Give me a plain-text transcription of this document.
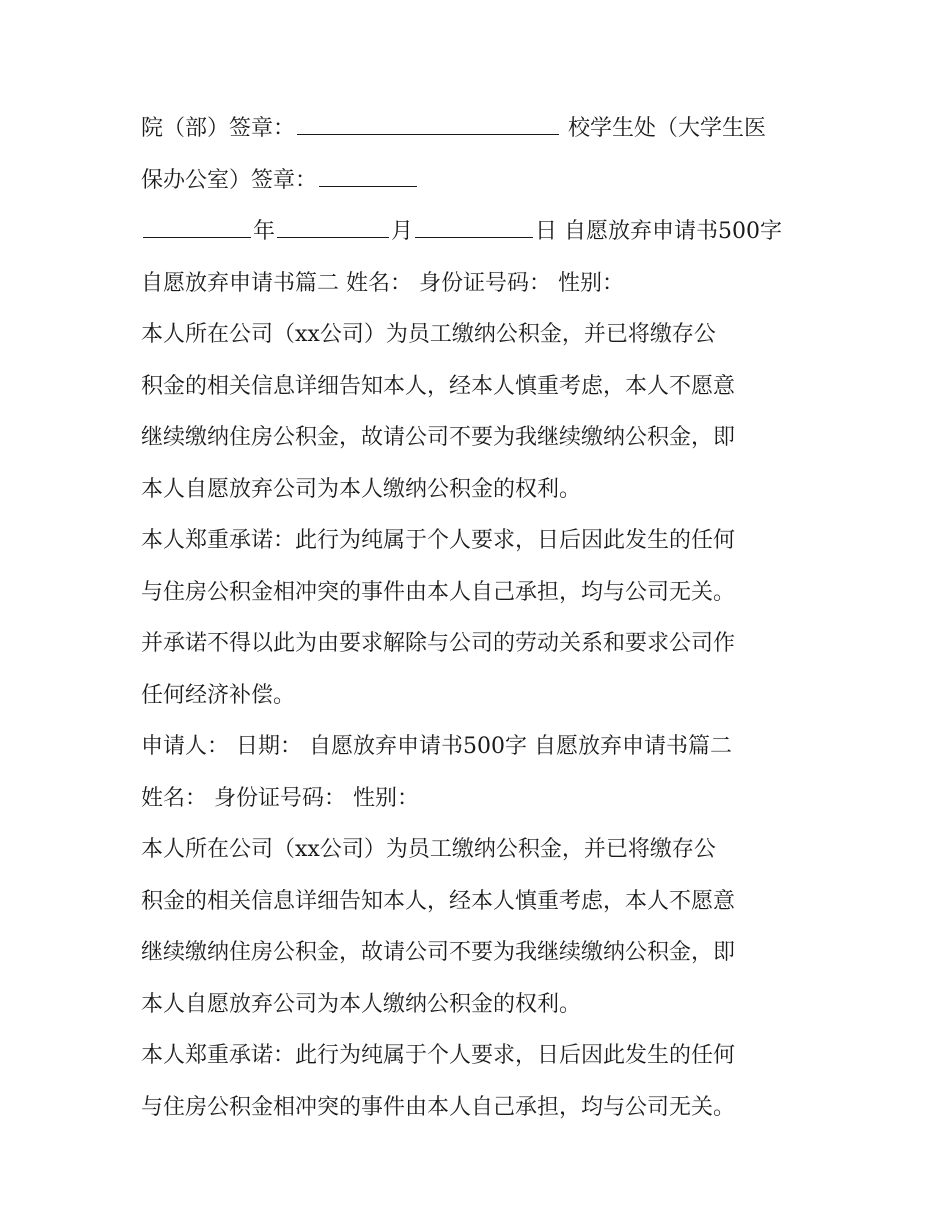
院（部）签章：	校学生处（大学生医
保办公室）签章：
年	月	日 自愿放弃申请书500字
自愿放弃申请书篇二 姓名： 身份证号码： 性别：
本人所在公司（xx公司）为员工缴纳公积金，并已将缴存公
积金的相关信息详细告知本人，经本人慎重考虑，本人不愿意
继续缴纳住房公积金，故请公司不要为我继续缴纳公积金，即
本人自愿放弃公司为本人缴纳公积金的权利。
本人郑重承诺：此行为纯属于个人要求，日后因此发生的任何
与住房公积金相冲突的事件由本人自己承担，均与公司无关。
并承诺不得以此为由要求解除与公司的劳动关系和要求公司作
任何经济补偿。
申请人： 日期： 自愿放弃申请书500字 自愿放弃申请书篇二
姓名： 身份证号码： 性别：
本人所在公司（xx公司）为员工缴纳公积金，并已将缴存公
积金的相关信息详细告知本人，经本人慎重考虑，本人不愿意
继续缴纳住房公积金，故请公司不要为我继续缴纳公积金，即
本人自愿放弃公司为本人缴纳公积金的权利。
本人郑重承诺：此行为纯属于个人要求，日后因此发生的任何
与住房公积金相冲突的事件由本人自己承担，均与公司无关。
